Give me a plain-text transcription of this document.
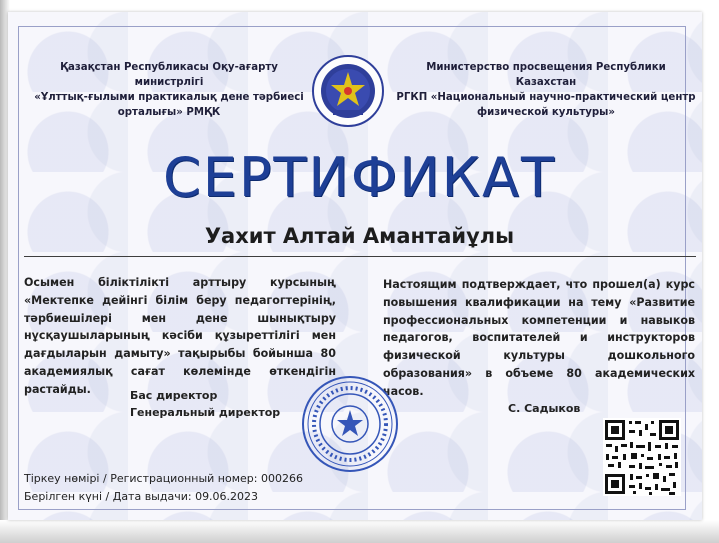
Қазақстан Республикасы Оқу-ағарту министрлігі
«Ұлттық-ғылыми практикалық дене тәрбиесі
орталығы» РМҚК
Министерство просвещения Республики Казахстан
РГКП «Национальный научно-практический центр
физической культуры»
СЕРТИФИКАТ
Уахит Алтай Амантайұлы
Осымен біліктілікті арттыру курсының «Мектепке дейінгі білім беру педагогтерінің, тәрбиешілері мен дене шынықтыру нұсқаушыларының кәсіби құзыреттілігі мен дағдыларын дамыту» тақырыбы бойынша 80 академиялық сағат көлемінде өткендігін растайды.
Настоящим подтверждает, что прошел(а) курс повышения квалификации на тему «Развитие профессиональных компетенции и навыков педагогов, воспитателей и инструкторов физической культуры дошкольного образования» в объеме 80 академических часов.
Бас директор
Генеральный директор	С. Садыков
Тіркеу нөмірі / Регистрационный номер: 000266
Берілген күні / Дата выдачи: 09.06.2023
